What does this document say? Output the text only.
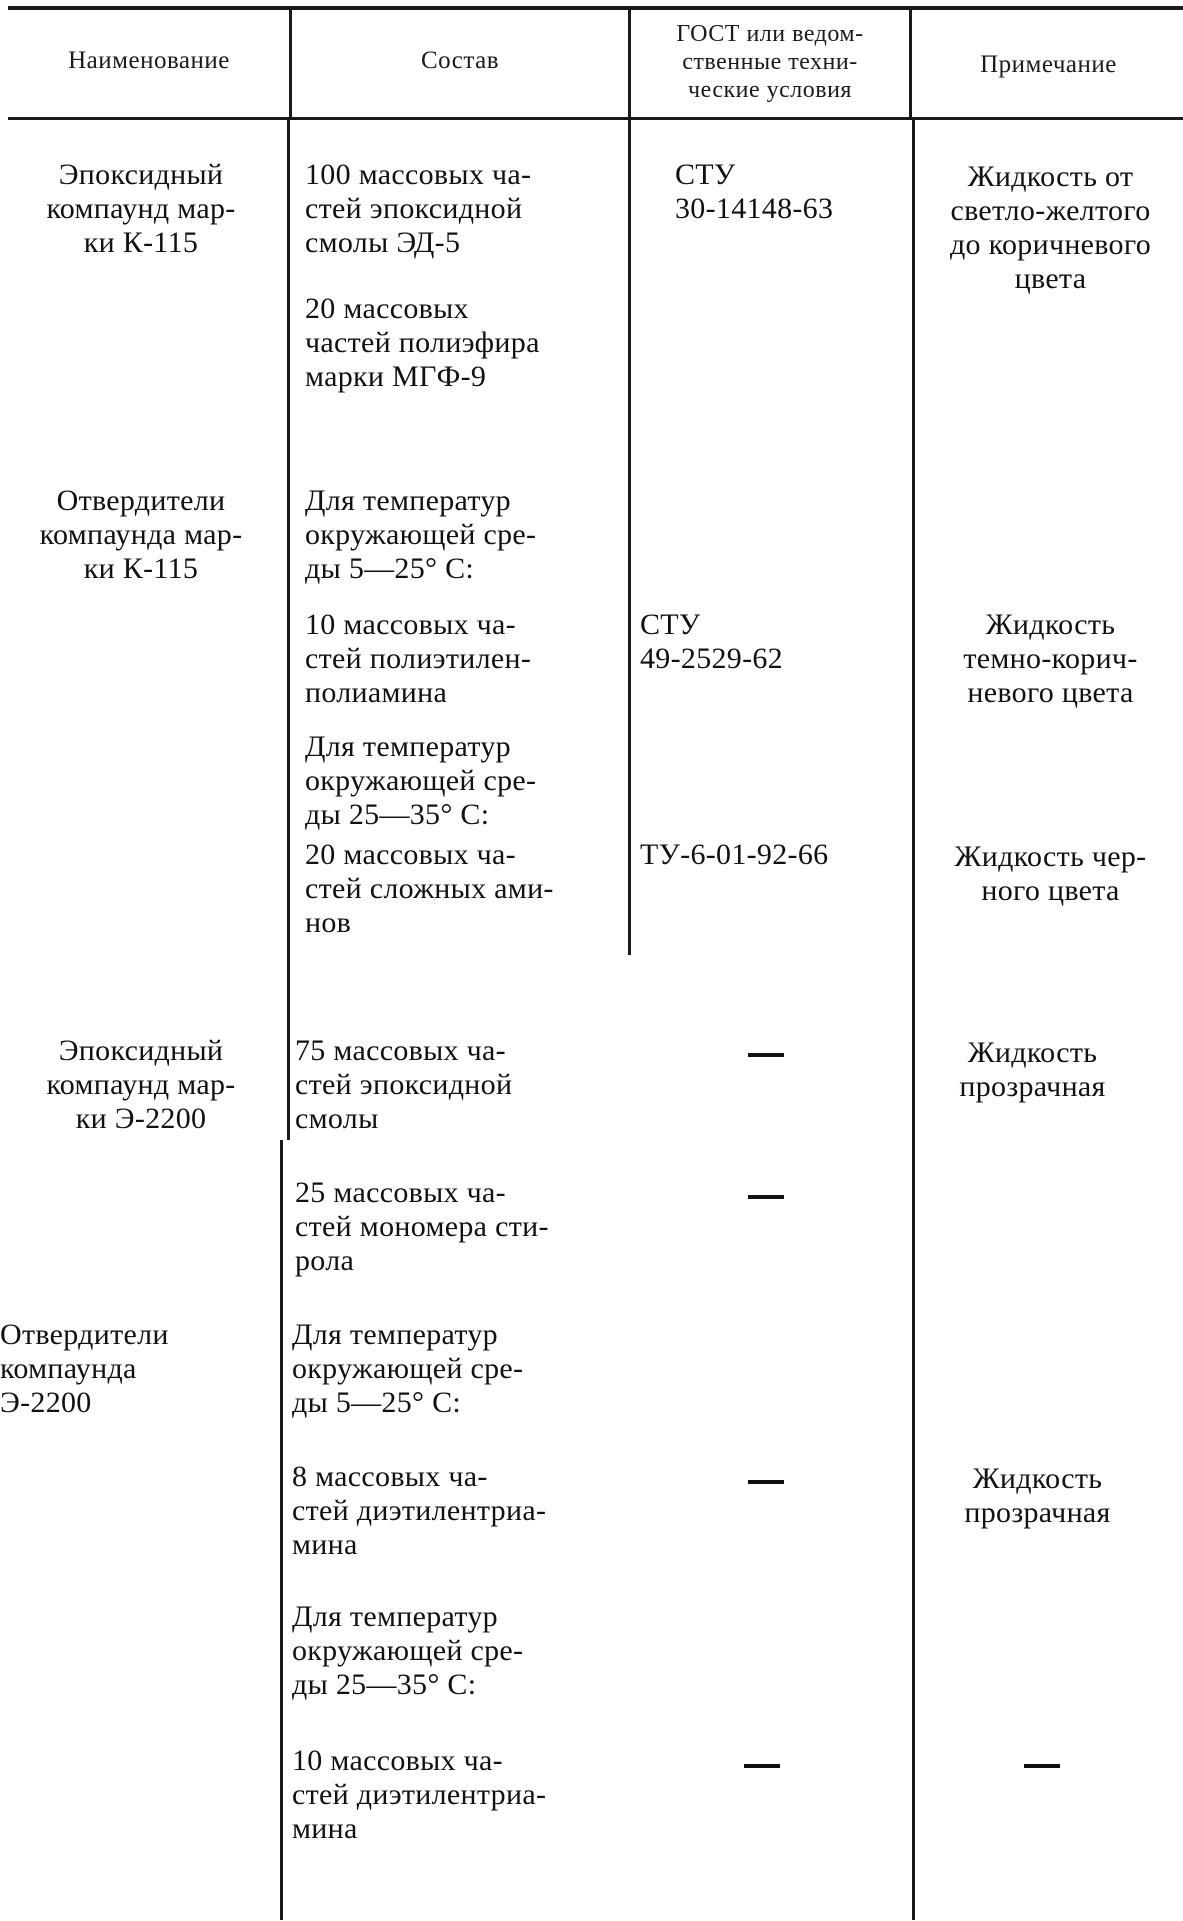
Наименование	Состав
ГОСТ или ведом-
ственные техни-
ческие условия
Примечание
Эпоксидный
компаунд мар-
ки К-115
100 массовых ча-
стей эпоксидной
смолы ЭД-5
СТУ
30-14148-63
Жидкость от
светло-желтого
до коричневого
цвета
20 массовых
частей полиэфира
марки МГФ-9
Отвердители
компаунда мар-
ки К-115
Для температур
окружающей сре-
ды 5—25° С:
10 массовых ча-
стей полиэтилен-
полиамина
СТУ
49-2529-62
Жидкость
темно-корич-
невого цвета
Для температур
окружающей сре-
ды 25—35° С:
20 массовых ча-
стей сложных ами-
нов
ТУ-6-01-92-66	Жидкость чер-
ного цвета
Эпоксидный
компаунд мар-
ки Э-2200
75 массовых ча-
стей эпоксидной
смолы
Жидкость
прозрачная
25 массовых ча-
стей мономера сти-
рола
Отвердители
компаунда
Э-2200
Для температур
окружающей сре-
ды 5—25° С:
8 массовых ча-
стей диэтилентриа-
мина
Жидкость
прозрачная
Для температур
окружающей сре-
ды 25—35° С:
10 массовых ча-
стей диэтилентриа-
мина
